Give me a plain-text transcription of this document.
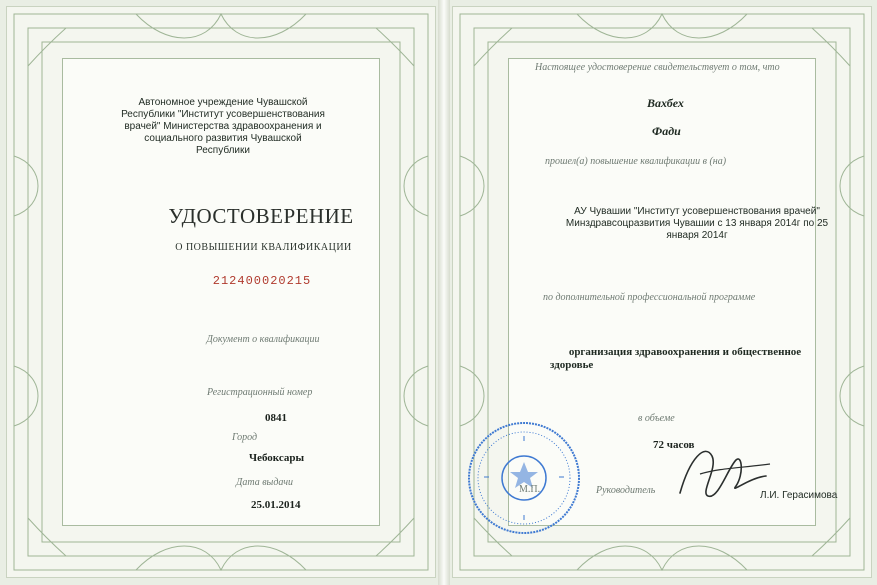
Автономное учреждение Чувашской Республики "Институт усовершенствования врачей" Министерства здравоохранения и социального развития Чувашской Республики
УДОСТОВЕРЕНИЕ
О ПОВЫШЕНИИ КВАЛИФИКАЦИИ
212400020215
Документ о квалификации
Регистрационный номер
0841
Город
Чебоксары
Дата выдачи
25.01.2014
Настоящее удостоверение свидетельствует о том, что
Вахбех
Фади
прошел(а) повышение квалификации в (на)
АУ Чувашии "Институт усовершенствования врачей"
Минздравсоцразвития Чувашии с 13 января 2014г по 25
января 2014г
по дополнительной профессиональной программе
организация здравоохранения и общественное
здоровье
в объеме
72 часов
М.П.	Руководитель	Л.И. Герасимова
